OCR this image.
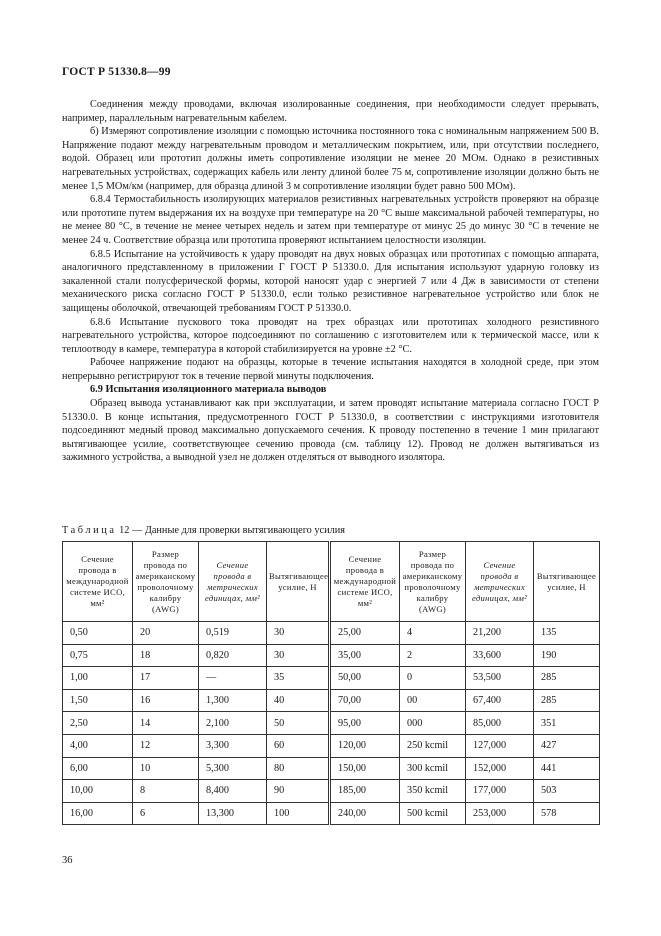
ГОСТ Р 51330.8—99

Соединения между проводами, включая изолированные соединения, при необходимости следует прерывать, например, параллельным нагревательным кабелем.

б) Измеряют сопротивление изоляции с помощью источника постоянного тока с номинальным напряжением 500 В. Напряжение подают между нагревательным проводом и металлическим покрытием, или, при отсутствии последнего, водой. Образец или прототип должны иметь сопротивление изоляции не менее 20 МОм. Однако в резистивных нагревательных устройствах, содержащих кабель или ленту длиной более 75 м, сопротивление изоляции должно быть не менее 1,5 МОм/км (например, для образца длиной 3 м сопротивление изоляции будет равно 500 МОм).

6.8.4 Термостабильность изолирующих материалов резистивных нагревательных устройств проверяют на образце или прототипе путем выдержания их на воздухе при температуре на 20 °С выше максимальной рабочей температуры, но не менее 80 °С, в течение не менее четырех недель и затем при температуре от минус 25 до минус 30 °С в течение не менее 24 ч. Соответствие образца или прототипа проверяют испытанием целостности изоляции.

6.8.5 Испытание на устойчивость к удару проводят на двух новых образцах или прототипах с помощью аппарата, аналогичного представленному в приложении Г ГОСТ Р 51330.0. Для испытания используют ударную головку из закаленной стали полусферической формы, которой наносят удар с энергией 7 или 4 Дж в зависимости от степени механического риска согласно ГОСТ Р 51330.0, если только резистивное нагревательное устройство или блок не защищены оболочкой, отвечающей требованиям ГОСТ Р 51330.0.

6.8.6 Испытание пускового тока проводят на трех образцах или прототипах холодного резистивного нагревательного устройства, которое подсоединяют по соглашению с изготовителем или к термической массе, или к теплоотводу в камере, температура в которой стабилизируется на уровне ±2 °С.

Рабочее напряжение подают на образцы, которые в течение испытания находятся в холодной среде, при этом непрерывно регистрируют ток в течение первой минуты подключения.

6.9 Испытания изоляционного материала выводов

Образец вывода устанавливают как при эксплуатации, и затем проводят испытание материала согласно ГОСТ Р 51330.0. В конце испытания, предусмотренного ГОСТ Р 51330.0, в соответствии с инструкциями изготовителя подсоединяют медный провод максимально допускаемого сечения. К проводу постепенно в течение 1 мин прилагают вытягивающее усилие, соответствующее сечению провода (см. таблицу 12). Провод не должен вытягиваться из зажимного устройства, а выводной узел не должен отделяться от выводного изолятора.

Таблица 12 — Данные для проверки вытягивающего усилия
Сечение провода в международной системе ИСО, мм²	Размер провода по американскому проволочному калибру (AWG)	Сечение провода в метрических единицах, мм²	Вытягивающее усилие, Н	Сечение провода в международной системе ИСО, мм²	Размер провода по американскому проволочному калибру (AWG)	Сечение провода в метрических единицах, мм²	Вытягивающее усилие, Н
0,50	20	0,519	30	25,00	4	21,200	135
0,75	18	0,820	30	35,00	2	33,600	190
1,00	17	—	35	50,00	0	53,500	285
1,50	16	1,300	40	70,00	00	67,400	285
2,50	14	2,100	50	95,00	000	85,000	351
4,00	12	3,300	60	120,00	250 kcmil	127,000	427
6,00	10	5,300	80	150,00	300 kcmil	152,000	441
10,00	8	8,400	90	185,00	350 kcmil	177,000	503
16,00	6	13,300	100	240,00	500 kcmil	253,000	578
36
